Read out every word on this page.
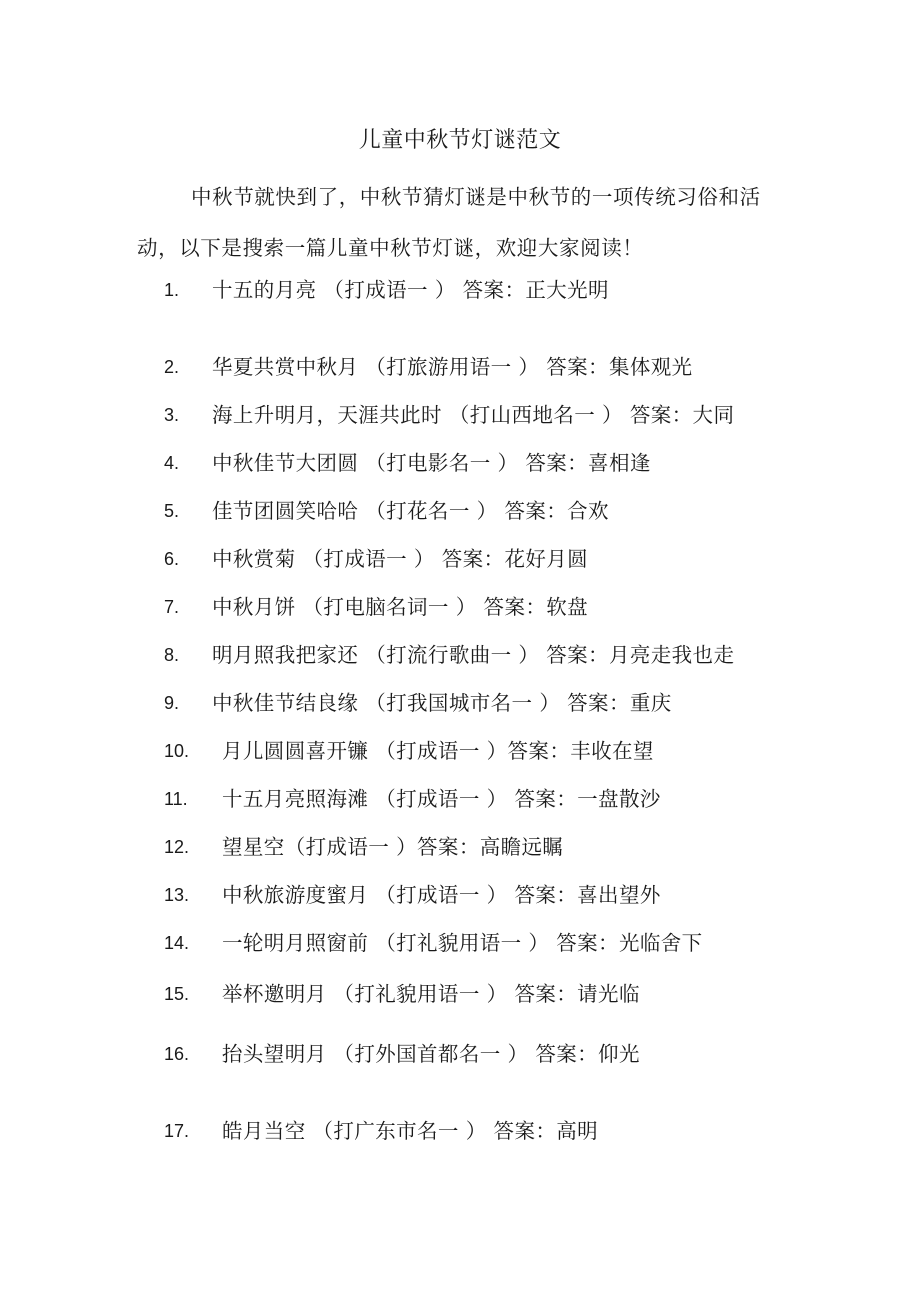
儿童中秋节灯谜范文

中秋节就快到了，中秋节猜灯谜是中秋节的一项传统习俗和活动，以下是搜索一篇儿童中秋节灯谜，欢迎大家阅读！

1. 十五的月亮 （打成语一 ） 答案：正大光明
2. 华夏共赏中秋月 （打旅游用语一 ） 答案：集体观光
3. 海上升明月，天涯共此时 （打山西地名一 ） 答案：大同
4. 中秋佳节大团圆 （打电影名一 ） 答案：喜相逢
5. 佳节团圆笑哈哈 （打花名一 ） 答案：合欢
6. 中秋赏菊 （打成语一 ） 答案：花好月圆
7. 中秋月饼 （打电脑名词一 ） 答案：软盘
8. 明月照我把家还 （打流行歌曲一 ） 答案：月亮走我也走
9. 中秋佳节结良缘 （打我国城市名一 ） 答案：重庆
10. 月儿圆圆喜开镰 （打成语一 ）答案：丰收在望
11. 十五月亮照海滩 （打成语一 ） 答案：一盘散沙
12. 望星空（打成语一 ）答案：高瞻远瞩
13. 中秋旅游度蜜月 （打成语一 ） 答案：喜出望外
14. 一轮明月照窗前 （打礼貌用语一 ） 答案：光临舍下
15. 举杯邀明月 （打礼貌用语一 ） 答案：请光临
16. 抬头望明月 （打外国首都名一 ） 答案：仰光
17. 皓月当空 （打广东市名一 ） 答案：高明
